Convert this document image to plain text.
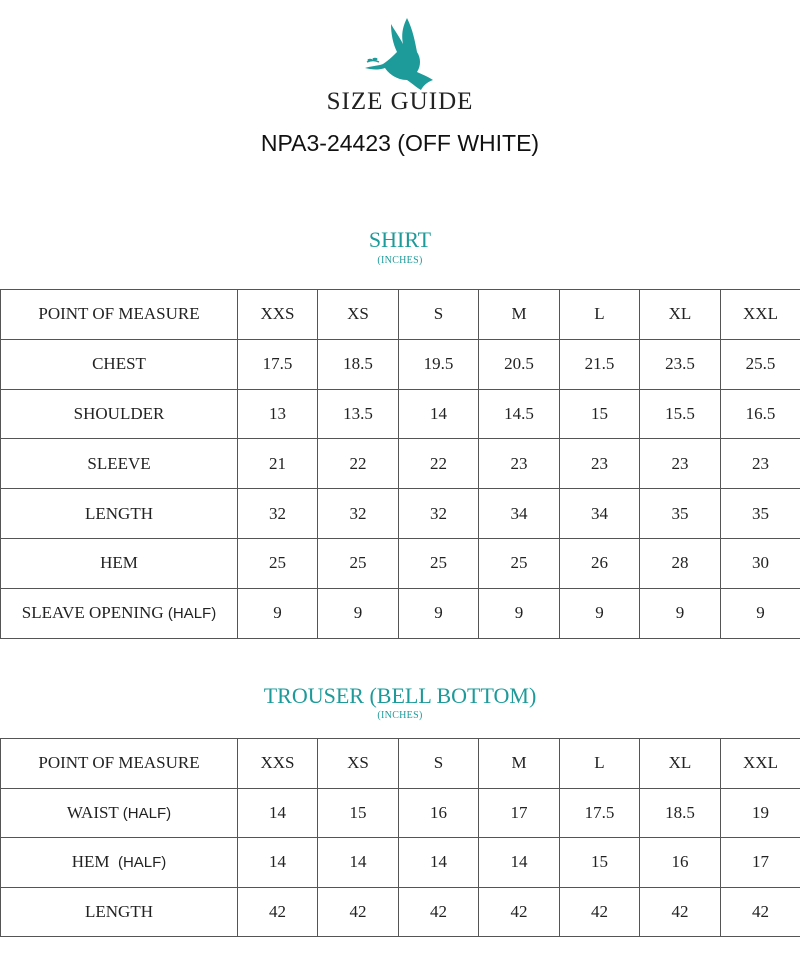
SIZE GUIDE
NPA3-24423 (OFF WHITE)
SHIRT
(INCHES)
POINT OF MEASURE	XXS	XS	S	M	L	XL	XXL
CHEST	17.5	18.5	19.5	20.5	21.5	23.5	25.5
SHOULDER	13	13.5	14	14.5	15	15.5	16.5
SLEEVE	21	22	22	23	23	23	23
LENGTH	32	32	32	34	34	35	35
HEM	25	25	25	25	26	28	30
SLEAVE OPENING (HALF)	9	9	9	9	9	9	9
TROUSER (BELL BOTTOM)
(INCHES)
POINT OF MEASURE	XXS	XS	S	M	L	XL	XXL
WAIST (HALF)	14	15	16	17	17.5	18.5	19
HEM  (HALF)	14	14	14	14	15	16	17
LENGTH	42	42	42	42	42	42	42
